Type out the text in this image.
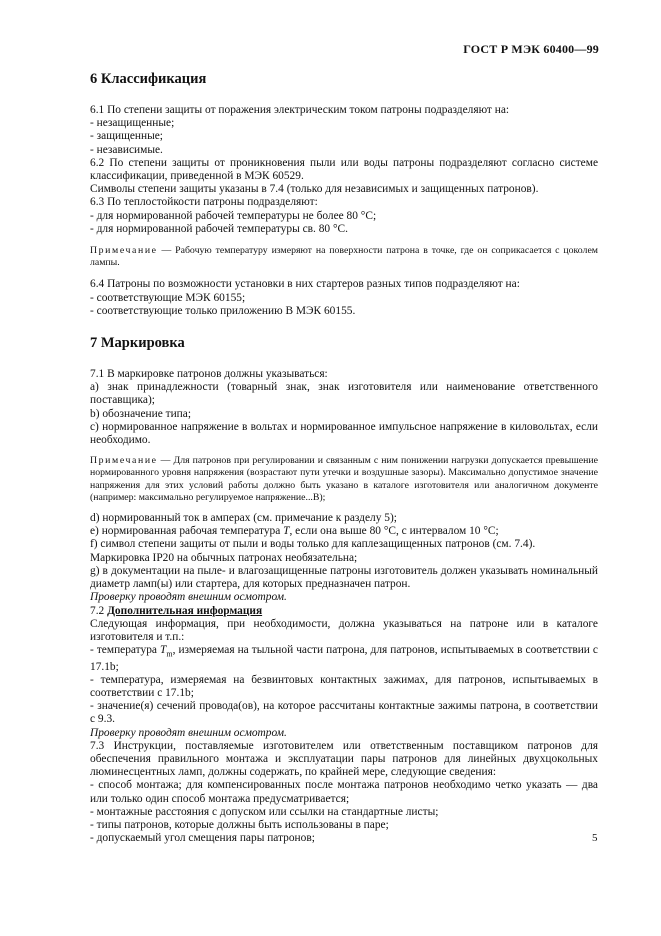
ГОСТ Р МЭК 60400—99
6 Классификация

6.1 По степени защиты от поражения электрическим током патроны подразделяют на:

- незащищенные;

- защищенные;

- независимые.

6.2 По степени защиты от проникновения пыли или воды патроны подразделяют согласно системе классификации, приведенной в МЭК 60529.

Символы степени защиты указаны в 7.4 (только для независимых и защищенных патронов).

6.3 По теплостойкости патроны подразделяют:

- для нормированной рабочей температуры не более 80 °С;

- для нормированной рабочей температуры св. 80 °С.

Примечание — Рабочую температуру измеряют на поверхности патрона в точке, где он соприкасается с цоколем лампы.

6.4 Патроны по возможности установки в них стартеров разных типов подразделяют на:

- соответствующие МЭК 60155;

- соответствующие только приложению В МЭК 60155.

7 Маркировка

7.1 В маркировке патронов должны указываться:

а) знак принадлежности (товарный знак, знак изготовителя или наименование ответственного поставщика);

b) обозначение типа;

с) нормированное напряжение в вольтах и нормированное импульсное напряжение в киловольтах, если необходимо.

Примечание — Для патронов при регулировании и связанным с ним понижении нагрузки допускается превышение нормированного уровня напряжения (возрастают пути утечки и воздушные зазоры). Максимально допустимое значение напряжения для этих условий работы должно быть указано в каталоге изготовителя или аналогичном документе (например: максимально регулируемое напряжение...В);

d) нормированный ток в амперах (см. примечание к разделу 5);

е) нормированная рабочая температура Т, если она выше 80 °С, с интервалом 10 °С;

f) символ степени защиты от пыли и воды только для каплезащищенных патронов (см. 7.4).

Маркировка IP20 на обычных патронах необязательна;

g) в документации на пыле- и влагозащищенные патроны изготовитель должен указывать номинальный диаметр ламп(ы) или стартера, для которых предназначен патрон.

Проверку проводят внешним осмотром.

7.2 Дополнительная информация

Следующая информация, при необходимости, должна указываться на патроне или в каталоге изготовителя и т.п.:

- температура $Т_m$, измеряемая на тыльной части патрона, для патронов, испытываемых в соответствии с 17.1b;

- температура, измеряемая на безвинтовых контактных зажимах, для патронов, испытываемых в соответствии с 17.1b;

- значение(я) сечений провода(ов), на которое рассчитаны контактные зажимы патрона, в соответствии с 9.3.

Проверку проводят внешним осмотром.

7.3 Инструкции, поставляемые изготовителем или ответственным поставщиком патронов для обеспечения правильного монтажа и эксплуатации пары патронов для линейных двухцокольных люминесцентных ламп, должны содержать, по крайней мере, следующие сведения:

- способ монтажа; для компенсированных после монтажа патронов необходимо четко указать — два или только один способ монтажа предусматривается;

- монтажные расстояния с допуском или ссылки на стандартные листы;

- типы патронов, которые должны быть использованы в паре;

- допускаемый угол смещения пары патронов;	5
